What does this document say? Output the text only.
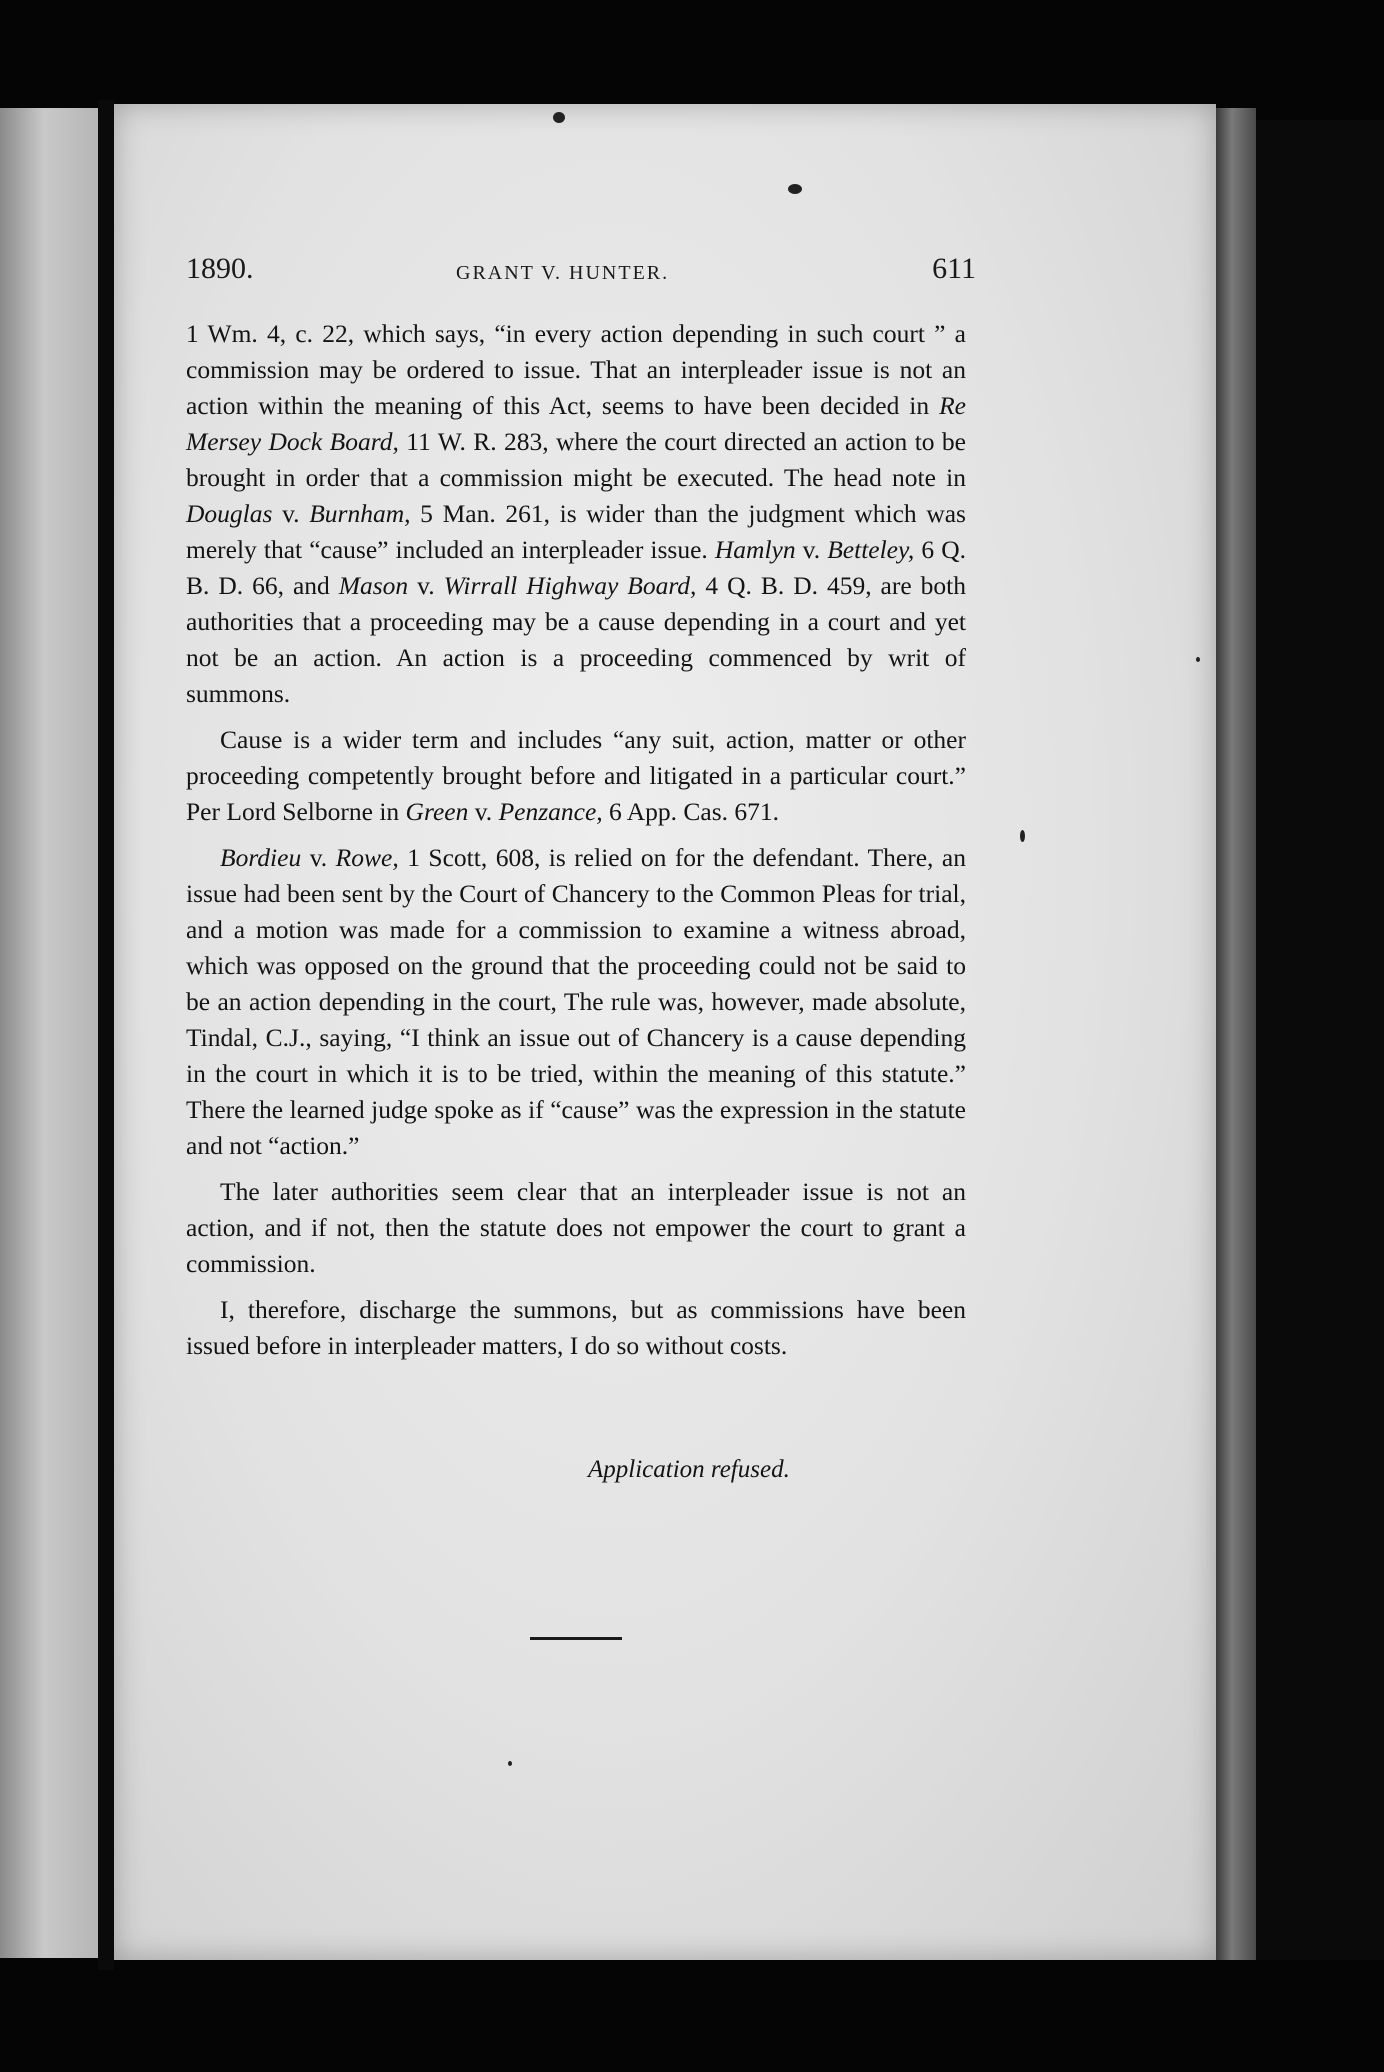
1890.	GRANT V. HUNTER.	611

1 Wm. 4, c. 22, which says, “in every action depending in such court ” a commission may be ordered to issue. That an interpleader issue is not an action within the meaning of this Act, seems to have been decided in Re Mersey Dock Board, 11 W. R. 283, where the court directed an action to be brought in order that a commission might be executed. The head note in Douglas v. Burnham, 5 Man. 261, is wider than the judgment which was merely that “cause” included an interpleader issue. Hamlyn v. Betteley, 6 Q. B. D. 66, and Mason v. Wirrall Highway Board, 4 Q. B. D. 459, are both authorities that a proceeding may be a cause depending in a court and yet not be an action. An action is a proceeding commenced by writ of summons.

Cause is a wider term and includes “any suit, action, matter or other proceeding competently brought before and litigated in a particular court.” Per Lord Selborne in Green v. Penzance, 6 App. Cas. 671.

Bordieu v. Rowe, 1 Scott, 608, is relied on for the defendant. There, an issue had been sent by the Court of Chancery to the Common Pleas for trial, and a motion was made for a commission to examine a witness abroad, which was opposed on the ground that the proceeding could not be said to be an action depending in the court, The rule was, however, made absolute, Tindal, C.J., saying, “I think an issue out of Chancery is a cause depending in the court in which it is to be tried, within the meaning of this statute.” There the learned judge spoke as if “cause” was the expression in the statute and not “action.”

The later authorities seem clear that an interpleader issue is not an action, and if not, then the statute does not empower the court to grant a commission.

I, therefore, discharge the summons, but as commissions have been issued before in interpleader matters, I do so without costs.

Application refused.
